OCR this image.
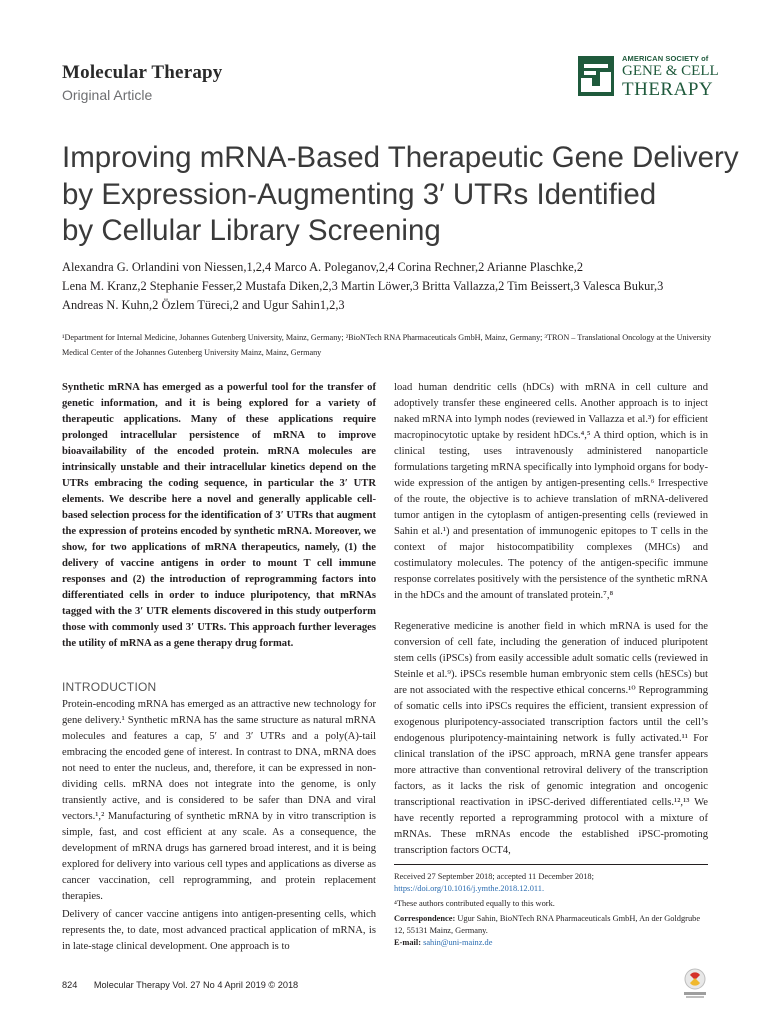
Molecular Therapy
Original Article
AMERICAN SOCIETY of
GENE & CELL
THERAPY
Improving mRNA-Based Therapeutic Gene Delivery
by Expression-Augmenting 3′ UTRs Identified
by Cellular Library Screening
Alexandra G. Orlandini von Niessen,1,2,4 Marco A. Poleganov,2,4 Corina Rechner,2 Arianne Plaschke,2
Lena M. Kranz,2 Stephanie Fesser,2 Mustafa Diken,2,3 Martin Löwer,3 Britta Vallazza,2 Tim Beissert,3 Valesca Bukur,3
Andreas N. Kuhn,2 Özlem Türeci,2 and Ugur Sahin1,2,3
¹Department for Internal Medicine, Johannes Gutenberg University, Mainz, Germany; ²BioNTech RNA Pharmaceuticals GmbH, Mainz, Germany; ³TRON – Translational Oncology at the University Medical Center of the Johannes Gutenberg University Mainz, Mainz, Germany

Synthetic mRNA has emerged as a powerful tool for the transfer of genetic information, and it is being explored for a variety of therapeutic applications. Many of these applications require prolonged intracellular persistence of mRNA to improve bioavailability of the encoded protein. mRNA molecules are intrinsically unstable and their intracellular kinetics depend on the UTRs embracing the coding sequence, in particular the 3′ UTR elements. We describe here a novel and generally applicable cell-based selection process for the identification of 3′ UTRs that augment the expression of proteins encoded by synthetic mRNA. Moreover, we show, for two applications of mRNA therapeutics, namely, (1) the delivery of vaccine antigens in order to mount T cell immune responses and (2) the introduction of reprogramming factors into differentiated cells in order to induce pluripotency, that mRNAs tagged with the 3′ UTR elements discovered in this study outperform those with commonly used 3′ UTRs. This approach further leverages the utility of mRNA as a gene therapy drug format.

INTRODUCTION

Protein-encoding mRNA has emerged as an attractive new technology for gene delivery.¹ Synthetic mRNA has the same structure as natural mRNA molecules and features a cap, 5′ and 3′ UTRs and a poly(A)-tail embracing the encoded gene of interest. In contrast to DNA, mRNA does not need to enter the nucleus, and, therefore, it can be expressed in non-dividing cells. mRNA does not integrate into the genome, is only transiently active, and is considered to be safer than DNA and viral vectors.¹,² Manufacturing of synthetic mRNA by in vitro transcription is simple, fast, and cost efficient at any scale. As a consequence, the development of mRNA drugs has garnered broad interest, and it is being explored for delivery into various cell types and applications as diverse as cancer vaccination, cell reprogramming, and protein replacement therapies.

Delivery of cancer vaccine antigens into antigen-presenting cells, which represents the, to date, most advanced practical application of mRNA, is in late-stage clinical development. One approach is to

load human dendritic cells (hDCs) with mRNA in cell culture and adoptively transfer these engineered cells. Another approach is to inject naked mRNA into lymph nodes (reviewed in Vallazza et al.³) for efficient macropinocytotic uptake by resident hDCs.⁴,⁵ A third option, which is in clinical testing, uses intravenously administered nanoparticle formulations targeting mRNA specifically into lymphoid organs for body-wide expression of the antigen by antigen-presenting cells.⁶ Irrespective of the route, the objective is to achieve translation of mRNA-delivered tumor antigen in the cytoplasm of antigen-presenting cells (reviewed in Sahin et al.¹) and presentation of immunogenic epitopes to T cells in the context of major histocompatibility complexes (MHCs) and costimulatory molecules. The potency of the antigen-specific immune response correlates positively with the persistence of the synthetic mRNA in the hDCs and the amount of translated protein.⁷,⁸

Regenerative medicine is another field in which mRNA is used for the conversion of cell fate, including the generation of induced pluripotent stem cells (iPSCs) from easily accessible adult somatic cells (reviewed in Steinle et al.⁹). iPSCs resemble human embryonic stem cells (hESCs) but are not associated with the respective ethical concerns.¹⁰ Reprogramming of somatic cells into iPSCs requires the efficient, transient expression of exogenous pluripotency-associated transcription factors until the cell’s endogenous pluripotency-maintaining network is fully activated.¹¹ For clinical translation of the iPSC approach, mRNA gene transfer appears more attractive than conventional retroviral delivery of the transcription factors, as it lacks the risk of genomic integration and oncogenic transcriptional reactivation in iPSC-derived differentiated cells.¹²,¹³ We have recently reported a reprogramming protocol with a mixture of mRNAs. These mRNAs encode the established iPSC-promoting transcription factors OCT4,

Received 27 September 2018; accepted 11 December 2018;
https://doi.org/10.1016/j.ymthe.2018.12.011.

⁴These authors contributed equally to this work.

Correspondence: Ugur Sahin, BioNTech RNA Pharmaceuticals GmbH, An der Goldgrube 12, 55131 Mainz, Germany.
E-mail: sahin@uni-mainz.de

824 Molecular Therapy Vol. 27 No 4 April 2019 © 2018
